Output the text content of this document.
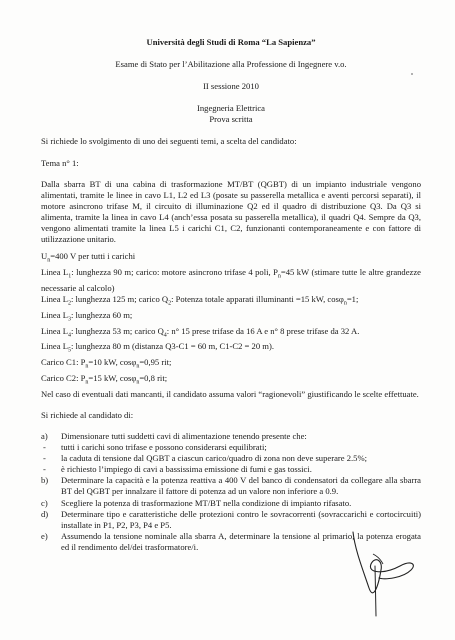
Università degli Studi di Roma “La Sapienza”

Esame di Stato per l’Abilitazione alla Professione di Ingegnere v.o.

II sessione 2010

Ingegneria Elettrica

Prova scritta

Si richiede lo svolgimento di uno dei seguenti temi, a scelta del candidato:

Tema n° 1:

Dalla sbarra BT di una cabina di trasformazione MT/BT (QGBT) di un impianto industriale vengono alimentati, tramite le linee in cavo L1, L2 ed L3 (posate su passerella metallica e aventi percorsi separati), il motore asincrono trifase M, il circuito di illuminazione Q2 ed il quadro di distribuzione Q3. Da Q3 si alimenta, tramite la linea in cavo L4 (anch’essa posata su passerella metallica), il quadri Q4. Sempre da Q3, vengono alimentati tramite la linea L5 i carichi C1, C2, funzionanti contemporaneamente e con fattore di utilizzazione unitario.

$U_n=400$ V per tutti i carichi

Linea $L_1$: lunghezza 90 m; carico: motore asincrono trifase 4 poli, $P_n=45$ kW (stimare tutte le altre grandezze necessarie al calcolo)

Linea $L_2$: lunghezza 125 m; carico $Q_2$: Potenza totale apparati illuminanti =15 kW, cosφ$_n$=1;

Linea $L_3$: lunghezza 60 m;

Linea $L_4$: lunghezza 53 m; carico $Q_4$: n° 15 prese trifase da 16 A e n° 8 prese trifase da 32 A.

Linea $L_5$: lunghezza 80 m (distanza Q3-C1 = 60 m, C1-C2 = 20 m).

Carico C1: $P_n=10$ kW, cosφ$_n$=0,95 rit;

Carico C2: $P_n=15$ kW, cosφ$_n$=0,8 rit;

Nel caso di eventuali dati mancanti, il candidato assuma valori “ragionevoli” giustificando le scelte effettuate.

Si richiede al candidato di:

a) Dimensionare tutti suddetti cavi di alimentazione tenendo presente che:
- tutti i carichi sono trifase e possono considerarsi equilibrati;
- la caduta di tensione dal QGBT a ciascun carico/quadro di zona non deve superare 2.5%;
- è richiesto l’impiego di cavi a bassissima emissione di fumi e gas tossici.
b) Determinare la capacità e la potenza reattiva a 400 V del banco di condensatori da collegare alla sbarra BT del QGBT per innalzare il fattore di potenza ad un valore non inferiore a 0.9.
c) Scegliere la potenza di trasformazione MT/BT nella condizione di impianto rifasato.
d) Determinare tipo e caratteristiche delle protezioni contro le sovracorrenti (sovraccarichi e cortocircuiti) installate in P1, P2, P3, P4 e P5.
e) Assumendo la tensione nominale alla sbarra A, determinare la tensione al primario, la potenza erogata ed il rendimento del/dei trasformatore/i.
